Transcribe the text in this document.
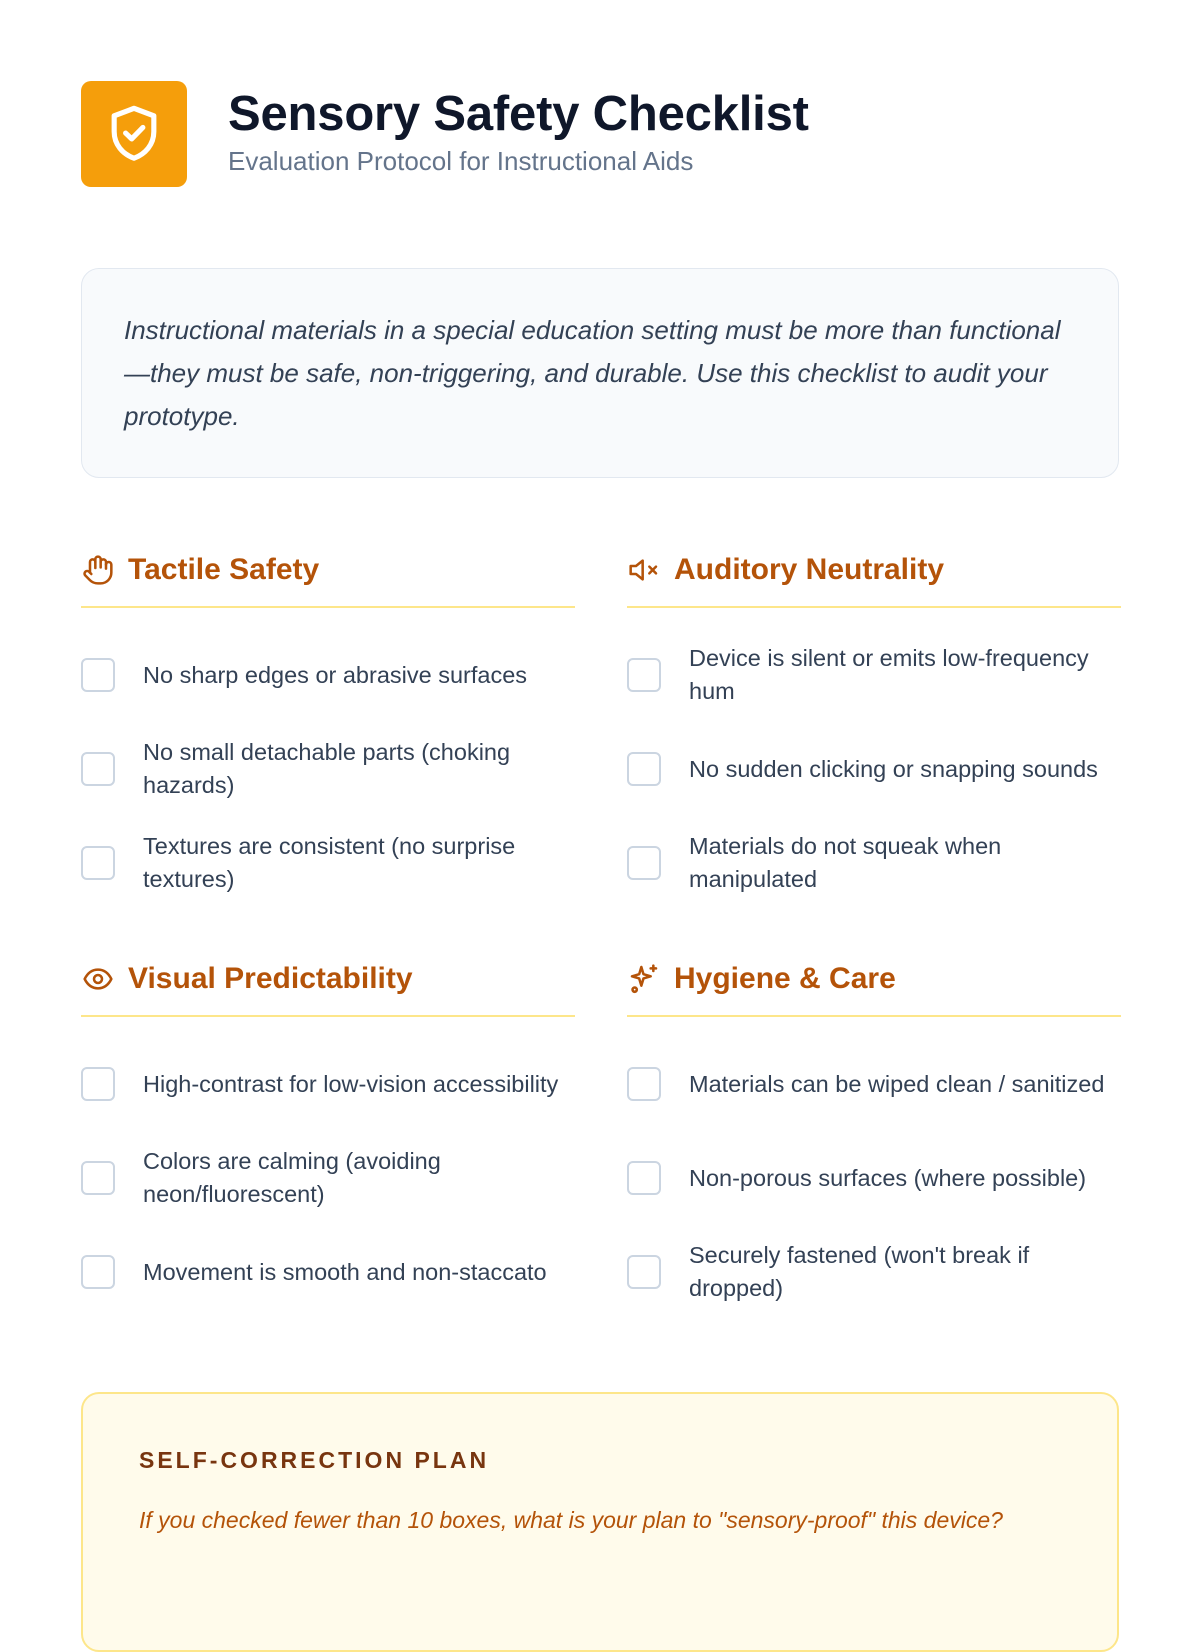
Sensory Safety Checklist
Evaluation Protocol for Instructional Aids

Instructional materials in a special education setting must be more than functional—they must be safe, non-triggering, and durable. Use this checklist to audit your prototype.

Tactile Safety
No sharp edges or abrasive surfaces
No small detachable parts (choking hazards)
Textures are consistent (no surprise textures)
Auditory Neutrality
Device is silent or emits low-frequency hum
No sudden clicking or snapping sounds
Materials do not squeak when manipulated
Visual Predictability
High-contrast for low-vision accessibility
Colors are calming (avoiding neon/fluorescent)
Movement is smooth and non-staccato
Hygiene & Care
Materials can be wiped clean / sanitized
Non-porous surfaces (where possible)
Securely fastened (won't break if dropped)
SELF-CORRECTION PLAN
If you checked fewer than 10 boxes, what is your plan to "sensory-proof" this device?
